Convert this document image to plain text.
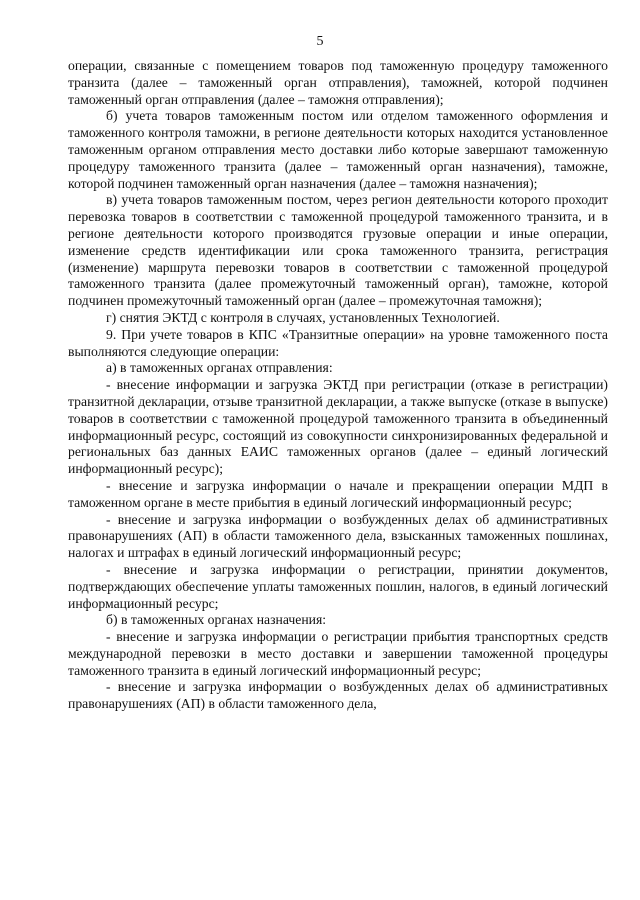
5

операции, связанные с помещением товаров под таможенную процедуру таможенного транзита (далее – таможенный орган отправления), таможней, которой подчинен таможенный орган отправления (далее – таможня отправления);

б) учета товаров таможенным постом или отделом таможенного оформления и таможенного контроля таможни, в регионе деятельности которых находится установленное таможенным органом отправления место доставки либо которые завершают таможенную процедуру таможенного транзита (далее – таможенный орган назначения), таможне, которой подчинен таможенный орган назначения (далее – таможня назначения);

в) учета товаров таможенным постом, через регион деятельности которого проходит перевозка товаров в соответствии с таможенной процедурой таможенного транзита, и в регионе деятельности которого производятся грузовые операции и иные операции, изменение средств идентификации или срока таможенного транзита, регистрация (изменение) маршрута перевозки товаров в соответствии с таможенной процедурой таможенного транзита (далее промежуточный таможенный орган), таможне, которой подчинен промежуточный таможенный орган (далее – промежуточная таможня);

г) снятия ЭКТД с контроля в случаях, установленных Технологией.

9. При учете товаров в КПС «Транзитные операции» на уровне таможенного поста выполняются следующие операции:

а) в таможенных органах отправления:

- внесение информации и загрузка ЭКТД при регистрации (отказе в регистрации) транзитной декларации, отзыве транзитной декларации, а также выпуске (отказе в выпуске) товаров в соответствии с таможенной процедурой таможенного транзита в объединенный информационный ресурс, состоящий из совокупности синхронизированных федеральной и региональных баз данных ЕАИС таможенных органов (далее – единый логический информационный ресурс);

- внесение и загрузка информации о начале и прекращении операции МДП в таможенном органе в месте прибытия в единый логический информационный ресурс;

- внесение и загрузка информации о возбужденных делах об административных правонарушениях (АП) в области таможенного дела, взысканных таможенных пошлинах, налогах и штрафах в единый логический информационный ресурс;

- внесение и загрузка информации о регистрации, принятии документов, подтверждающих обеспечение уплаты таможенных пошлин, налогов, в единый логический информационный ресурс;

б) в таможенных органах назначения:

- внесение и загрузка информации о регистрации прибытия транспортных средств международной перевозки в место доставки и завершении таможенной процедуры таможенного транзита в единый логический информационный ресурс;

- внесение и загрузка информации о возбужденных делах об административных правонарушениях (АП) в области таможенного дела,
